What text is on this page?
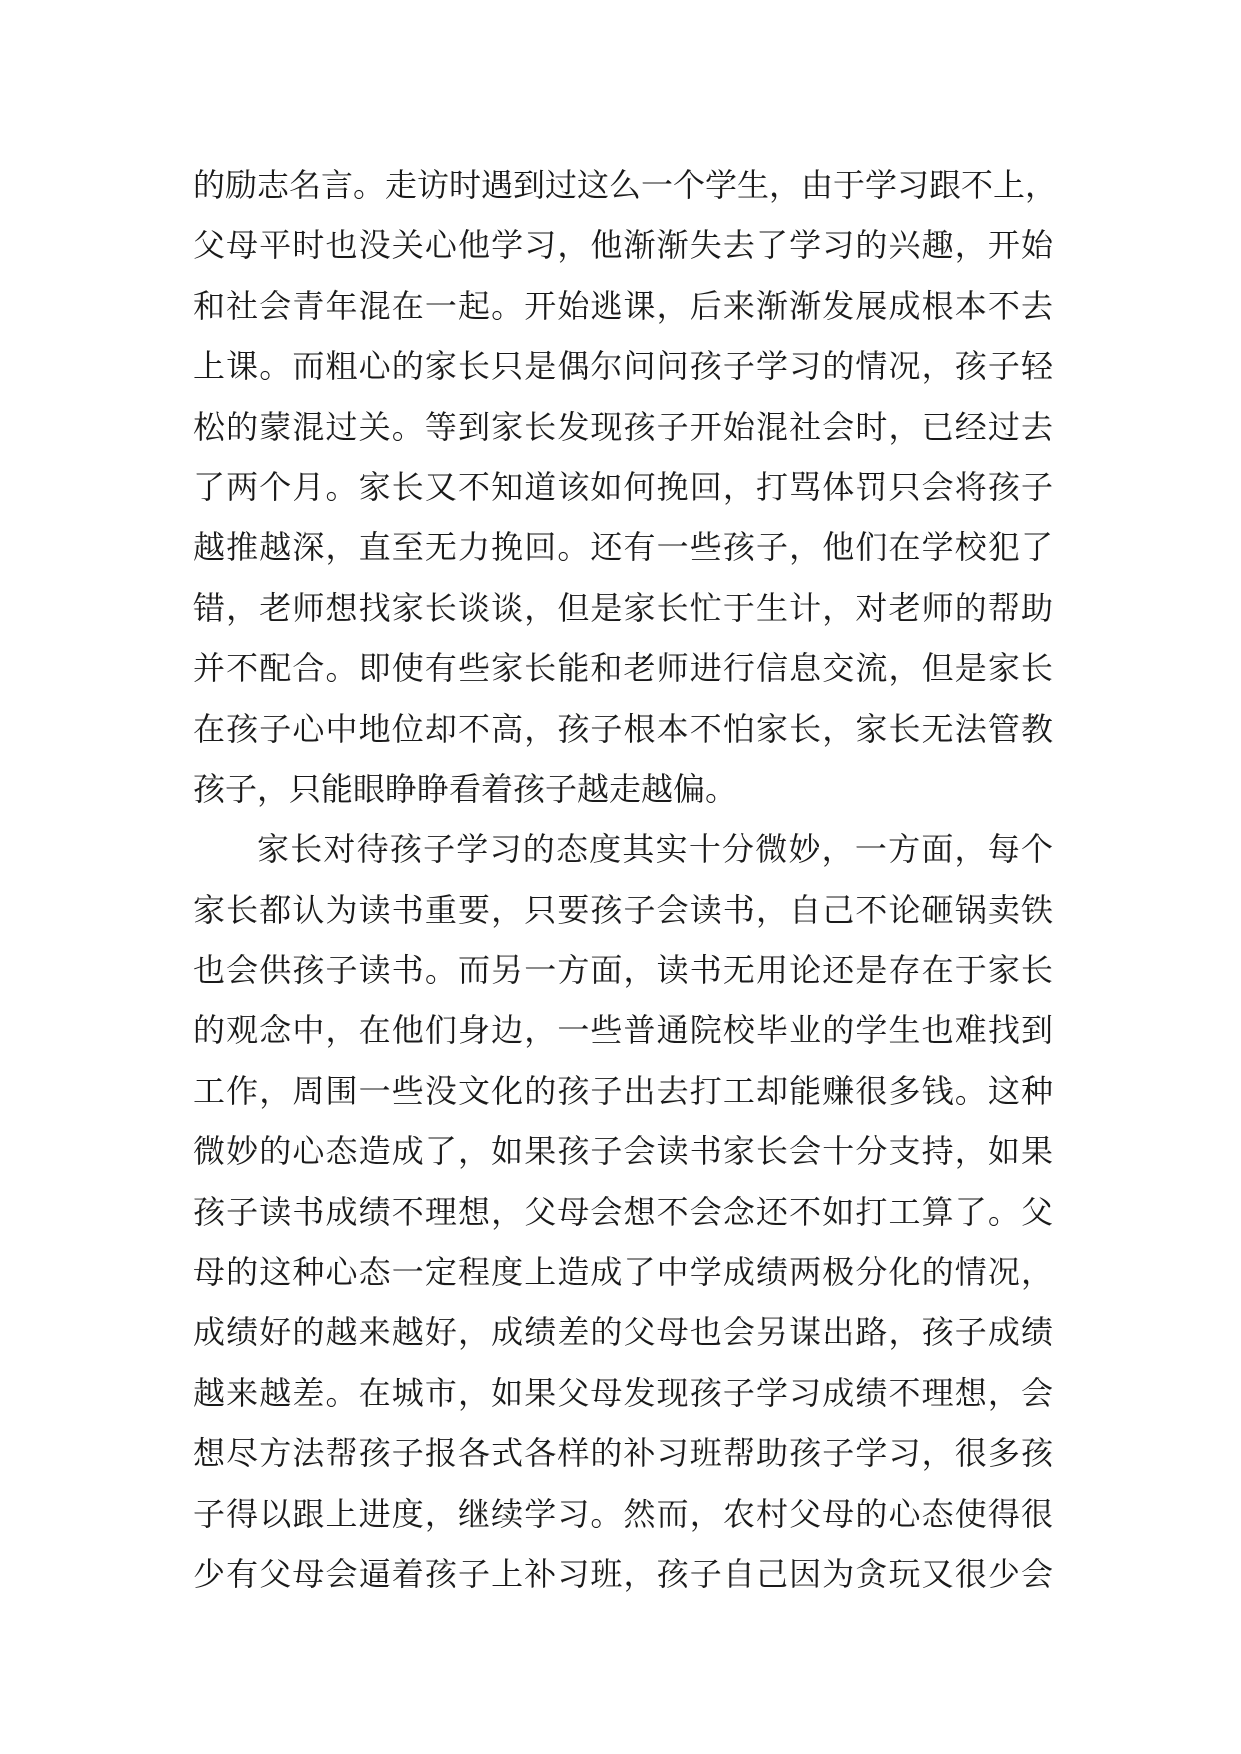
的励志名言。走访时遇到过这么一个学生，由于学习跟不上，
父母平时也没关心他学习，他渐渐失去了学习的兴趣，开始
和社会青年混在一起。开始逃课，后来渐渐发展成根本不去
上课。而粗心的家长只是偶尔问问孩子学习的情况，孩子轻
松的蒙混过关。等到家长发现孩子开始混社会时，已经过去
了两个月。家长又不知道该如何挽回，打骂体罚只会将孩子
越推越深，直至无力挽回。还有一些孩子，他们在学校犯了
错，老师想找家长谈谈，但是家长忙于生计，对老师的帮助
并不配合。即使有些家长能和老师进行信息交流，但是家长
在孩子心中地位却不高，孩子根本不怕家长，家长无法管教
孩子，只能眼睁睁看着孩子越走越偏。
家长对待孩子学习的态度其实十分微妙，一方面，每个
家长都认为读书重要，只要孩子会读书，自己不论砸锅卖铁
也会供孩子读书。而另一方面，读书无用论还是存在于家长
的观念中，在他们身边，一些普通院校毕业的学生也难找到
工作，周围一些没文化的孩子出去打工却能赚很多钱。这种
微妙的心态造成了，如果孩子会读书家长会十分支持，如果
孩子读书成绩不理想，父母会想不会念还不如打工算了。父
母的这种心态一定程度上造成了中学成绩两极分化的情况，
成绩好的越来越好，成绩差的父母也会另谋出路，孩子成绩
越来越差。在城市，如果父母发现孩子学习成绩不理想，会
想尽方法帮孩子报各式各样的补习班帮助孩子学习，很多孩
子得以跟上进度，继续学习。然而，农村父母的心态使得很
少有父母会逼着孩子上补习班，孩子自己因为贪玩又很少会
